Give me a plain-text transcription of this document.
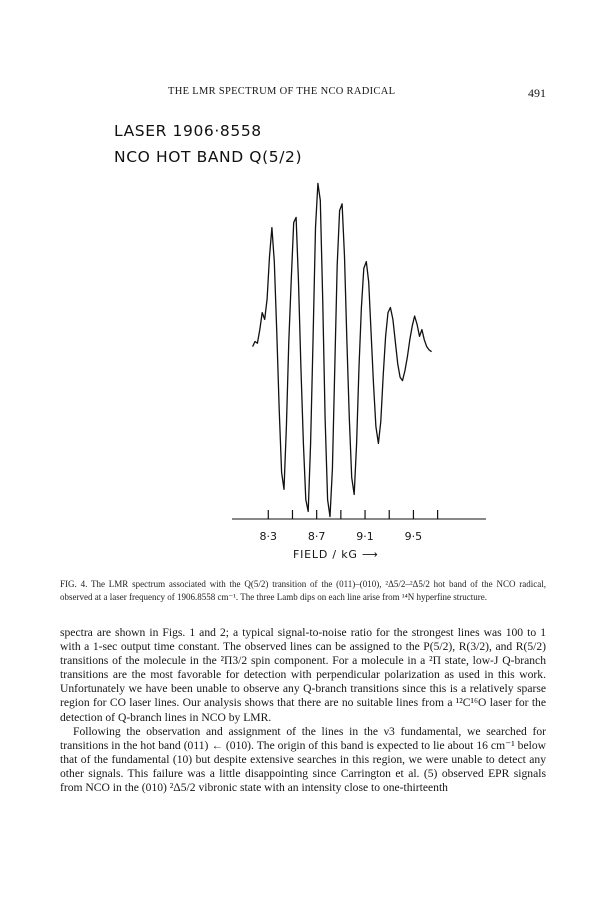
THE LMR SPECTRUM OF THE NCO RADICAL	491
LASER 1906·8558
NCO HOT BAND Q(5/2)
8·3	8·7	9·1	9·5
FIELD / kG ⟶
FIG. 4. The LMR spectrum associated with the Q(5/2) transition of the (011)–(010), ²Δ5/2–²Δ5/2 hot band of the NCO radical, observed at a laser frequency of 1906.8558 cm⁻¹. The three Lamb dips on each line arise from ¹⁴N hyperfine structure.

spectra are shown in Figs. 1 and 2; a typical signal-to-noise ratio for the strongest lines was 100 to 1 with a 1-sec output time constant. The observed lines can be assigned to the P(5/2), R(3/2), and R(5/2) transitions of the molecule in the ²Π3/2 spin component. For a molecule in a ²Π state, low-J Q-branch transitions are the most favorable for detection with perpendicular polarization as used in this work. Unfortunately we have been unable to observe any Q-branch transitions since this is a relatively sparse region for CO laser lines. Our analysis shows that there are no suitable lines from a ¹²C¹⁶O laser for the detection of Q-branch lines in NCO by LMR.

Following the observation and assignment of the lines in the ν3 fundamental, we searched for transitions in the hot band (011) ← (010). The origin of this band is expected to lie about 16 cm⁻¹ below that of the fundamental (10) but despite extensive searches in this region, we were unable to detect any other signals. This failure was a little disappointing since Carrington et al. (5) observed EPR signals from NCO in the (010) ²Δ5/2 vibronic state with an intensity close to one-thirteenth
